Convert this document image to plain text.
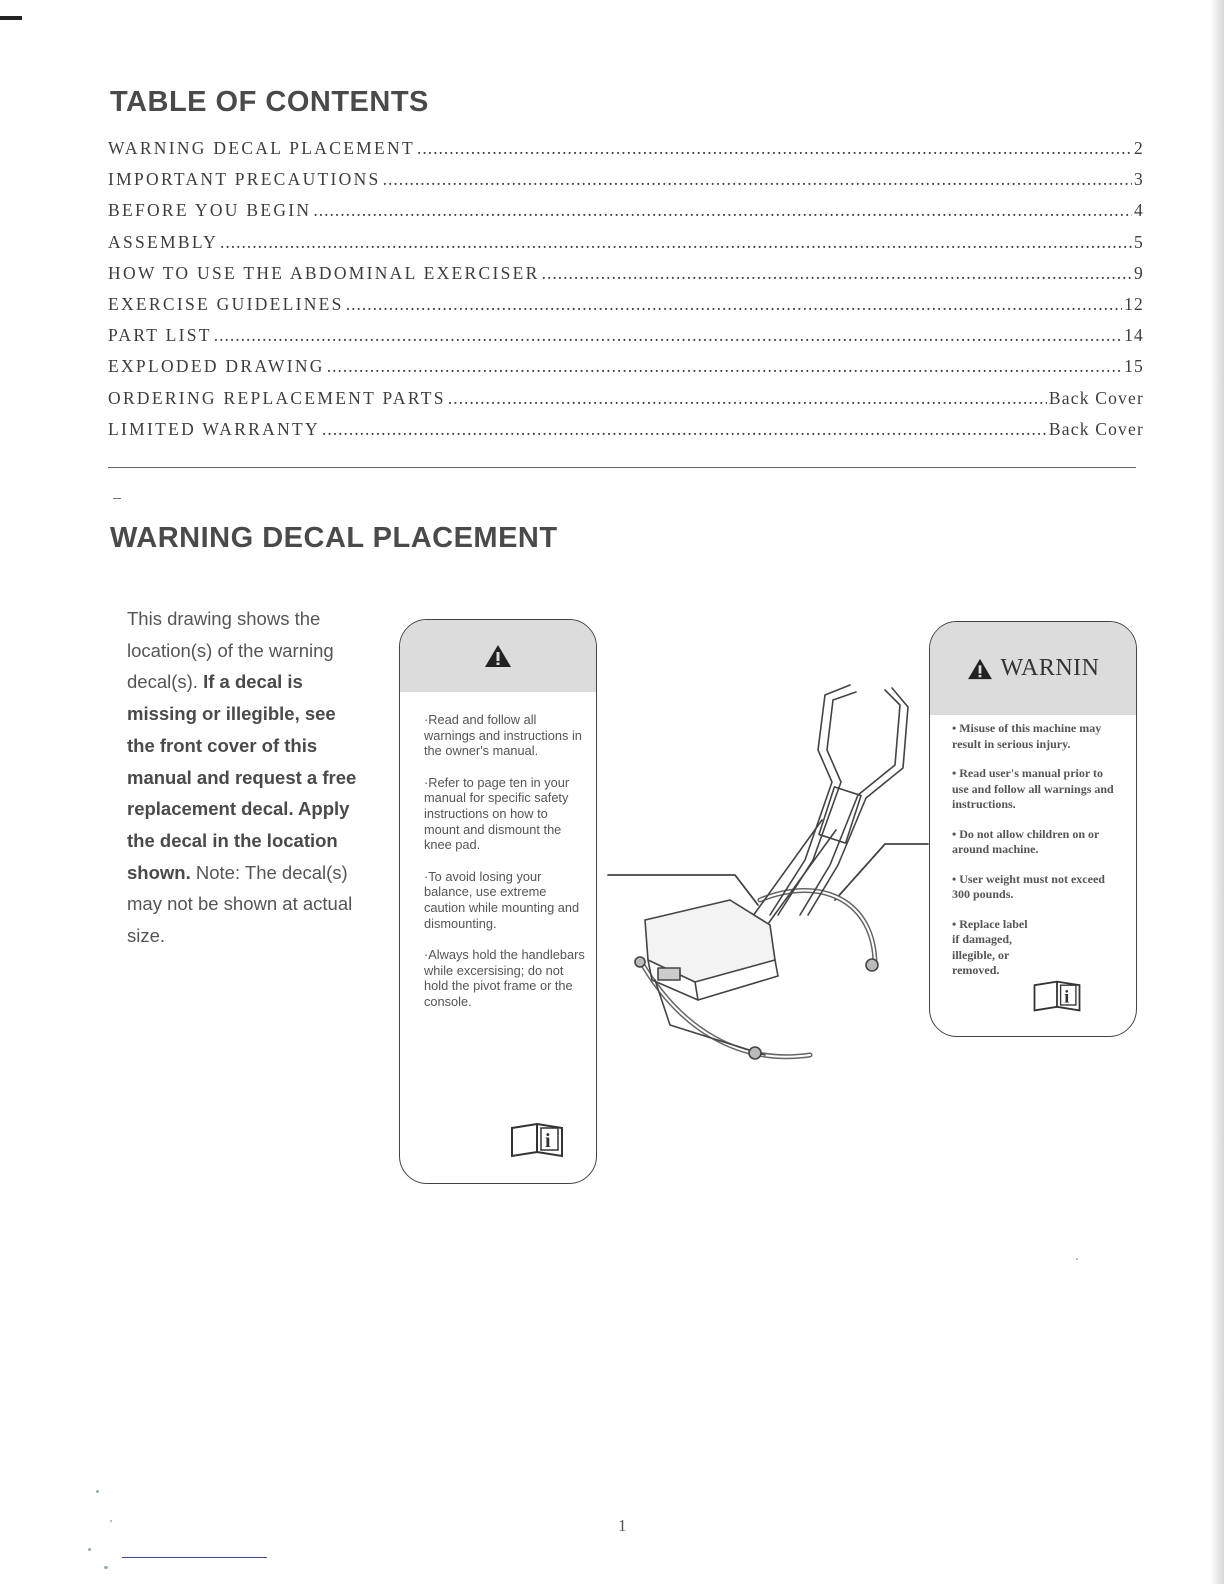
TABLE OF CONTENTS
WARNING DECAL PLACEMENT .....	2
IMPORTANT PRECAUTIONS .....	3
BEFORE YOU BEGIN .....	4
ASSEMBLY .....	5
HOW TO USE THE ABDOMINAL EXERCISER .....	9
EXERCISE GUIDELINES .....	12
PART LIST .....	14
EXPLODED DRAWING .....	15
ORDERING REPLACEMENT PARTS .....	Back Cover
LIMITED WARRANTY .....	Back Cover
WARNING DECAL PLACEMENT
This drawing shows the location(s) of the warning decal(s). If a decal is missing or illegible, see the front cover of this manual and request a free replacement decal. Apply the decal in the location shown. Note: The decal(s) may not be shown at actual size.

·Read and follow all warnings and instructions in the owner's manual.

·Refer to page ten in your manual for specific safety instructions on how to mount and dismount the knee pad.

·To avoid losing your balance, use extreme caution while mounting and dismounting.

·Always hold the handlebars while excersising; do not hold the pivot frame or the console.

i
WARNIN

• Misuse of this machine may result in serious injury.

• Read user's manual prior to use and follow all warnings and instructions.

• Do not allow children on or around machine.

• User weight must not exceed 300 pounds.

• Replace label if damaged, illegible, or removed.

i
1
